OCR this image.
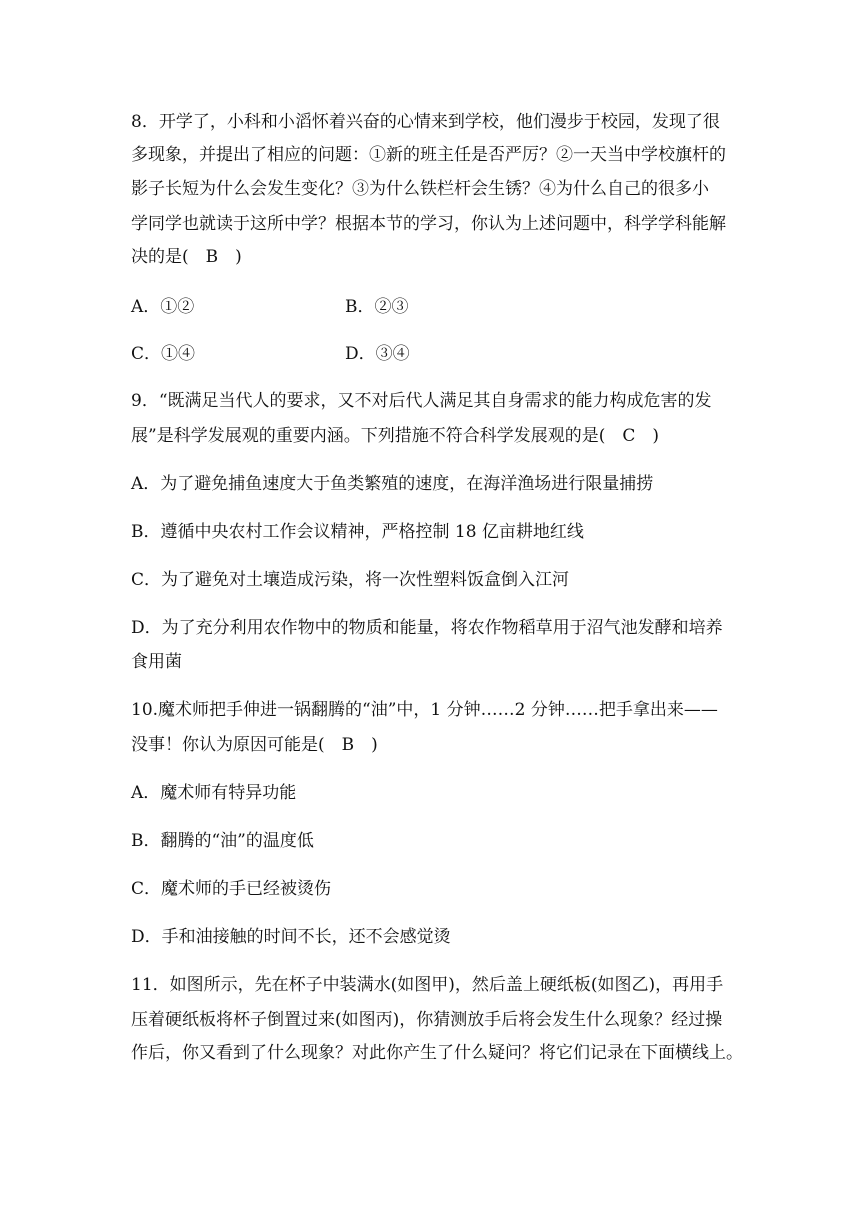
8．开学了，小科和小滔怀着兴奋的心情来到学校，他们漫步于校园，发现了很
多现象，并提出了相应的问题：①新的班主任是否严厉？②一天当中学校旗杆的
影子长短为什么会发生变化？③为什么铁栏杆会生锈？④为什么自己的很多小
学同学也就读于这所中学？根据本节的学习，你认为上述问题中，科学学科能解
决的是(　B　)
A．①②	B．②③
C．①④	D．③④
9．“既满足当代人的要求，又不对后代人满足其自身需求的能力构成危害的发
展”是科学发展观的重要内涵。下列措施不符合科学发展观的是(　C　)
A．为了避免捕鱼速度大于鱼类繁殖的速度，在海洋渔场进行限量捕捞
B．遵循中央农村工作会议精神，严格控制 18 亿亩耕地红线
C．为了避免对土壤造成污染，将一次性塑料饭盒倒入江河
D．为了充分利用农作物中的物质和能量，将农作物稻草用于沼气池发酵和培养
食用菌
10.魔术师把手伸进一锅翻腾的“油”中，1 分钟……2 分钟……把手拿出来——
没事！你认为原因可能是(　B　)
A．魔术师有特异功能
B．翻腾的“油”的温度低
C．魔术师的手已经被烫伤
D．手和油接触的时间不长，还不会感觉烫
11．如图所示，先在杯子中装满水(如图甲)，然后盖上硬纸板(如图乙)，再用手
压着硬纸板将杯子倒置过来(如图丙)，你猜测放手后将会发生什么现象？经过操
作后，你又看到了什么现象？对此你产生了什么疑问？将它们记录在下面横线上。
